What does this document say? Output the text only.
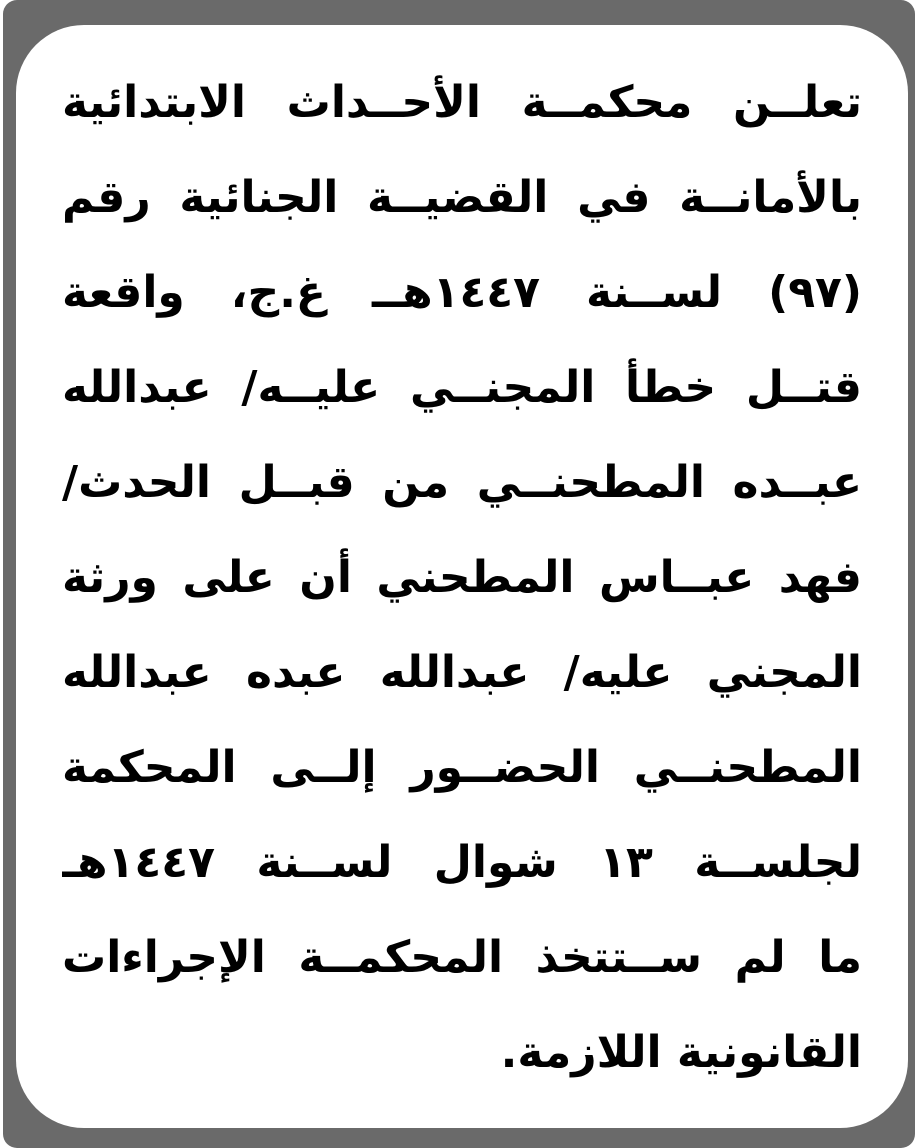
تعلــن محكمــة الأحــداث الابتدائية
بالأمانــة في القضيــة الجنائية رقم
(٩٧) لســنة ١٤٤٧هــ غ.ج، واقعة
قتــل خطأ المجنــي عليــه/ عبدالله
عبــده المطحنــي من قبــل الحدث/
فهد عبــاس المطحني أن على ورثة
المجني عليه/ عبدالله عبده عبدالله
المطحنــي الحضــور إلــى المحكمة
لجلســة ١٣ شوال لســنة ١٤٤٧هـ
ما لم ســتتخذ المحكمــة الإجراءات
القانونية اللازمة.
